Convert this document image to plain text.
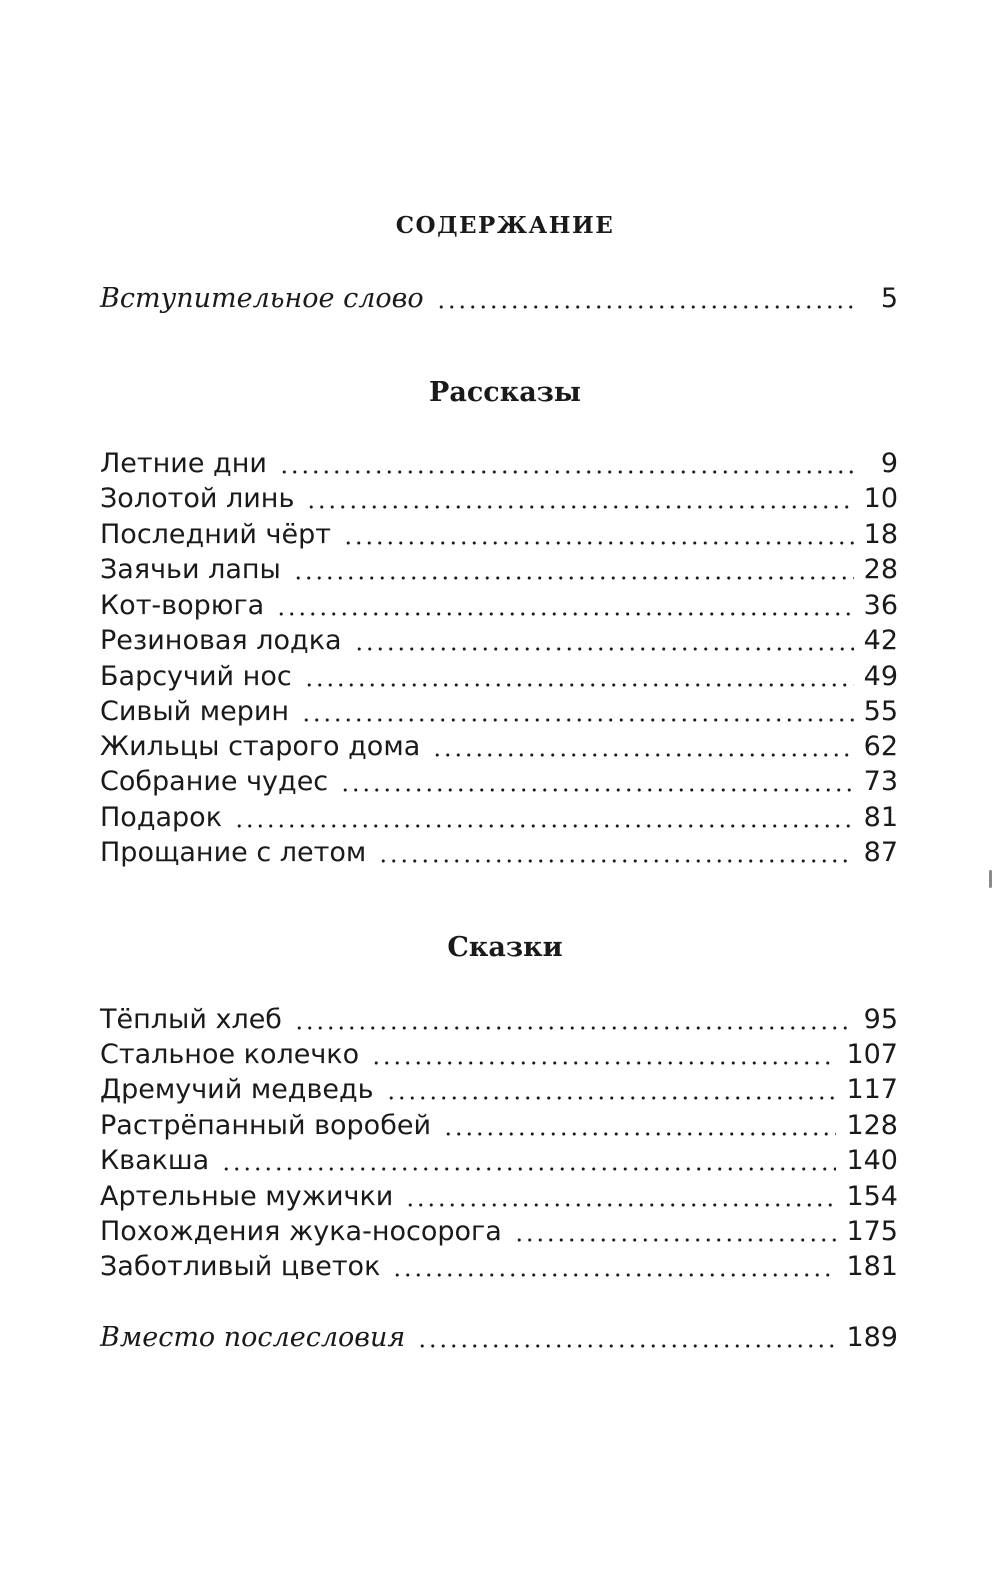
СОДЕРЖАНИЕ
Вступительное слово	5
Рассказы
Летние дни	9
Золотой линь	10
Последний чёрт	18
Заячьи лапы	28
Кот-ворюга	36
Резиновая лодка	42
Барсучий нос	49
Сивый мерин	55
Жильцы старого дома	62
Собрание чудес	73
Подарок	81
Прощание с летом	87
Сказки
Тёплый хлеб	95
Стальное колечко	107
Дремучий медведь	117
Растрёпанный воробей	128
Квакша	140
Артельные мужички	154
Похождения жука-носорога	175
Заботливый цветок	181
Вместо послесловия	189
